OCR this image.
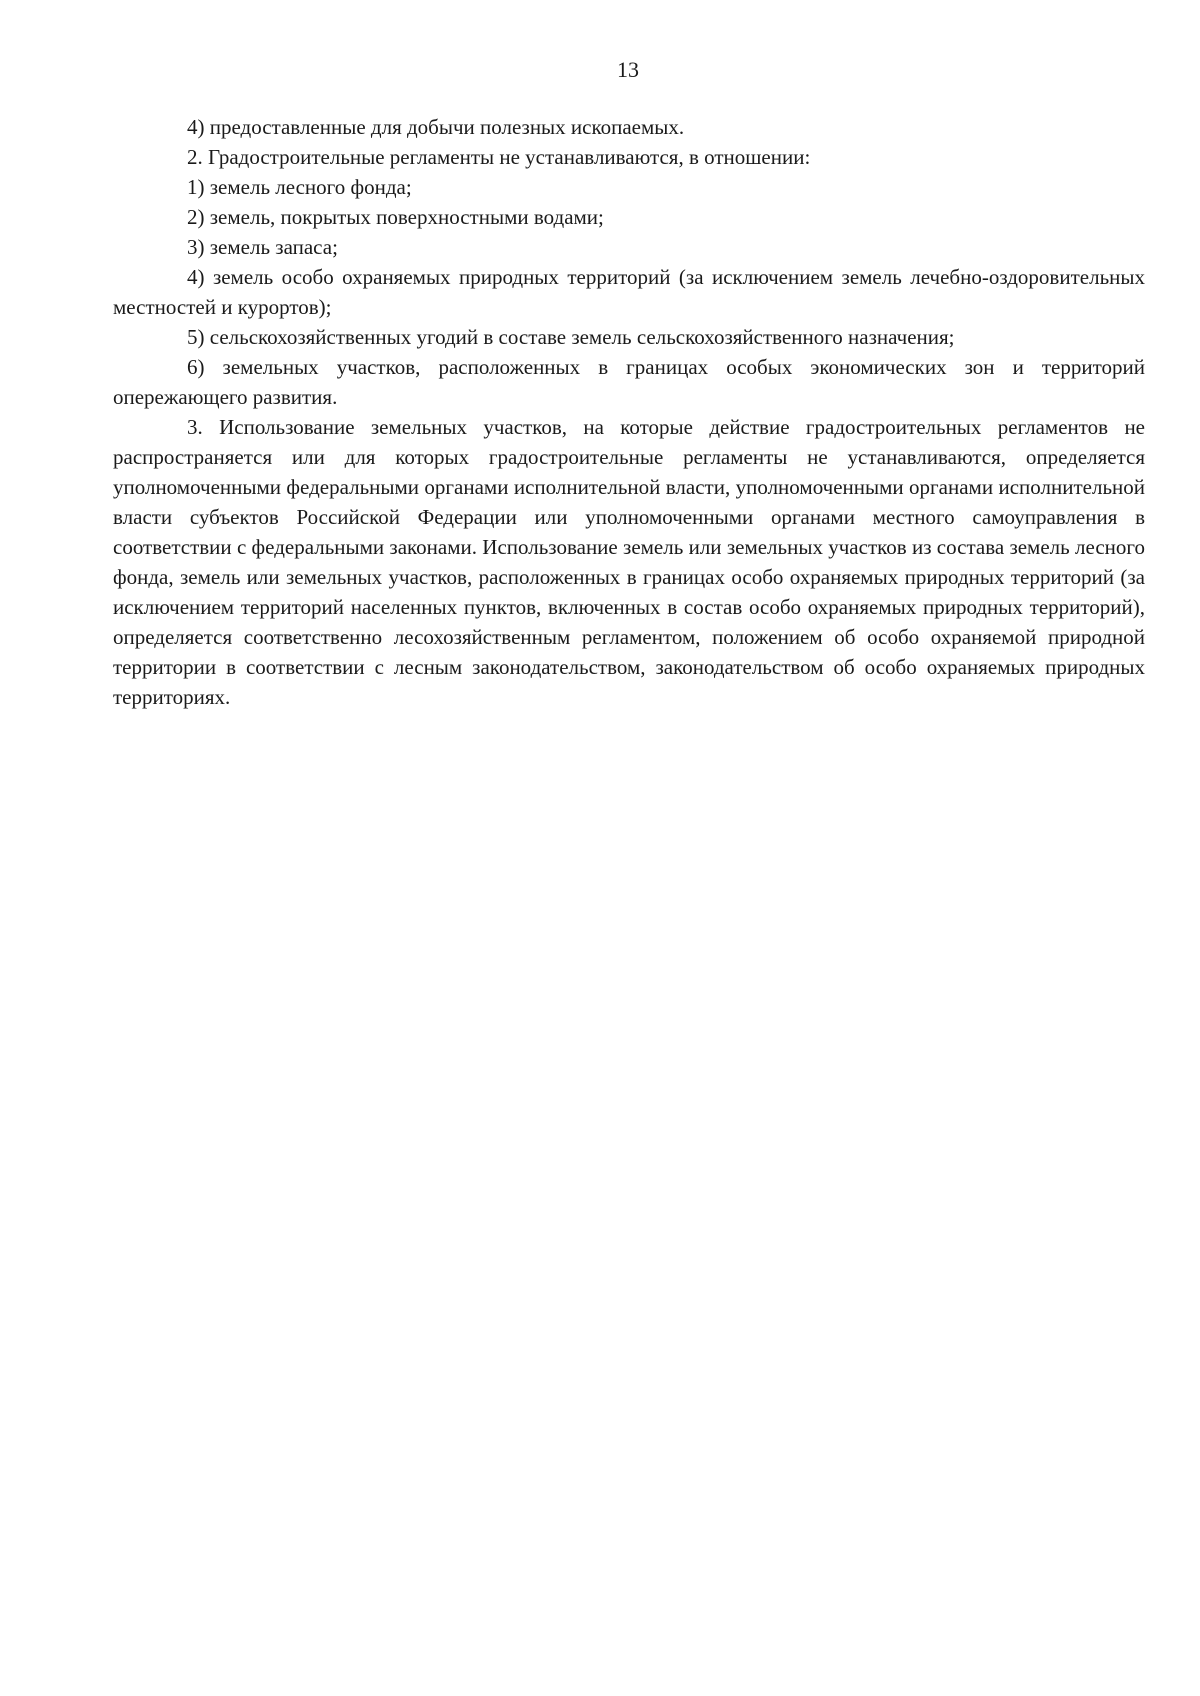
13

4) предоставленные для добычи полезных ископаемых.

2. Градостроительные регламенты не устанавливаются, в отношении:

1) земель лесного фонда;

2) земель, покрытых поверхностными водами;

3) земель запаса;

4) земель особо охраняемых природных территорий (за исключением земель лечебно-оздоровительных местностей и курортов);

5) сельскохозяйственных угодий в составе земель сельскохозяйственного назначения;

6) земельных участков, расположенных в границах особых экономических зон и территорий опережающего развития.

3. Использование земельных участков, на которые действие градостроительных регламентов не распространяется или для которых градостроительные регламенты не устанавливаются, определяется уполномоченными федеральными органами исполнительной власти, уполномоченными органами исполнительной власти субъектов Российской Федерации или уполномоченными органами местного самоуправления в соответствии с федеральными законами. Использование земель или земельных участков из состава земель лесного фонда, земель или земельных участков, расположенных в границах особо охраняемых природных территорий (за исключением территорий населенных пунктов, включенных в состав особо охраняемых природных территорий), определяется соответственно лесохозяйственным регламентом, положением об особо охраняемой природной территории в соответствии с лесным законодательством, законодательством об особо охраняемых природных территориях.
